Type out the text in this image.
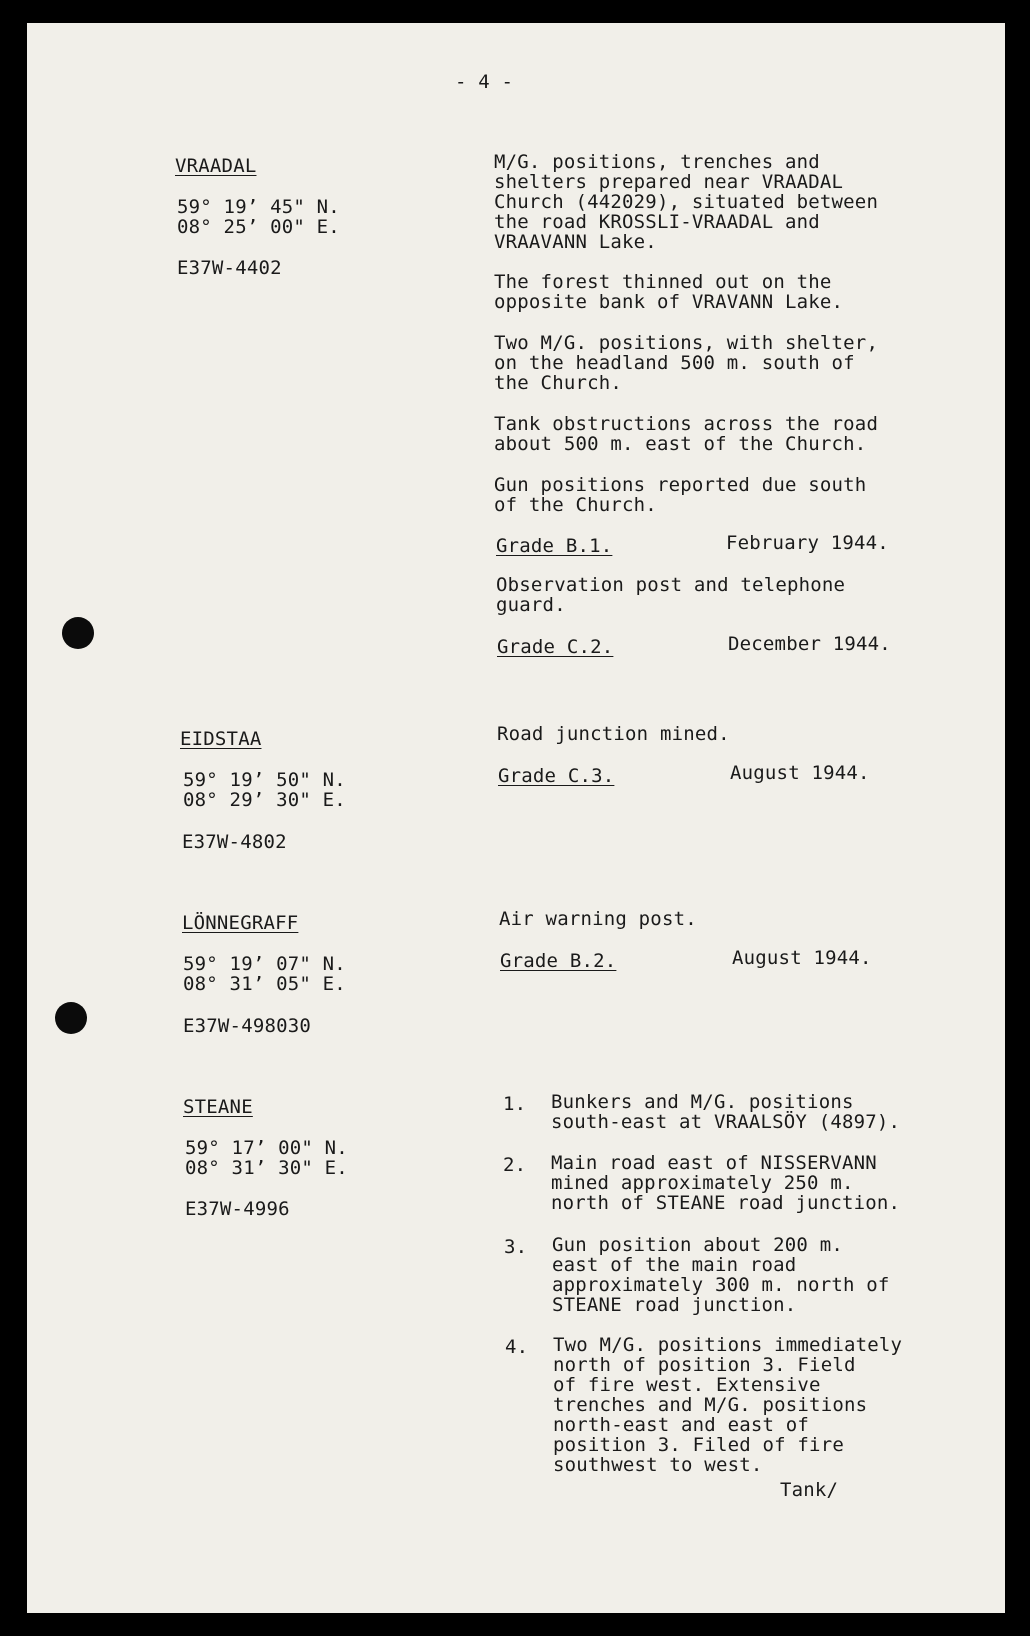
- 4 -
VRAADAL
59° 19’ 45" N.
08° 25’ 00" E.
E37W-4402
M/G. positions, trenches and
shelters prepared near VRAADAL
Church (442029), situated between
the road KROSSLI-VRAADAL and
VRAAVANN Lake.
The forest thinned out on the
opposite bank of VRAVANN Lake.
Two M/G. positions, with shelter,
on the headland 500 m. south of
the Church.
Tank obstructions across the road
about 500 m. east of the Church.
Gun positions reported due south
of the Church.
Grade B.1.	February 1944.
Observation post and telephone
guard.
Grade C.2.	December 1944.
EIDSTAA
59° 19’ 50" N.
08° 29’ 30" E.
E37W-4802
Road junction mined.
Grade C.3.	August 1944.
LÖNNEGRAFF
59° 19’ 07" N.
08° 31’ 05" E.
E37W-498030
Air warning post.
Grade B.2.	August 1944.
STEANE
59° 17’ 00" N.
08° 31’ 30" E.
E37W-4996
1. Bunkers and M/G. positions
south-east at VRAALSÖY (4897).
2. Main road east of NISSERVANN
mined approximately 250 m.
north of STEANE road junction.
3. Gun position about 200 m.
east of the main road
approximately 300 m. north of
STEANE road junction.
4. Two M/G. positions immediately
north of position 3. Field
of fire west. Extensive
trenches and M/G. positions
north-east and east of
position 3. Filed of fire
southwest to west.
Tank/
